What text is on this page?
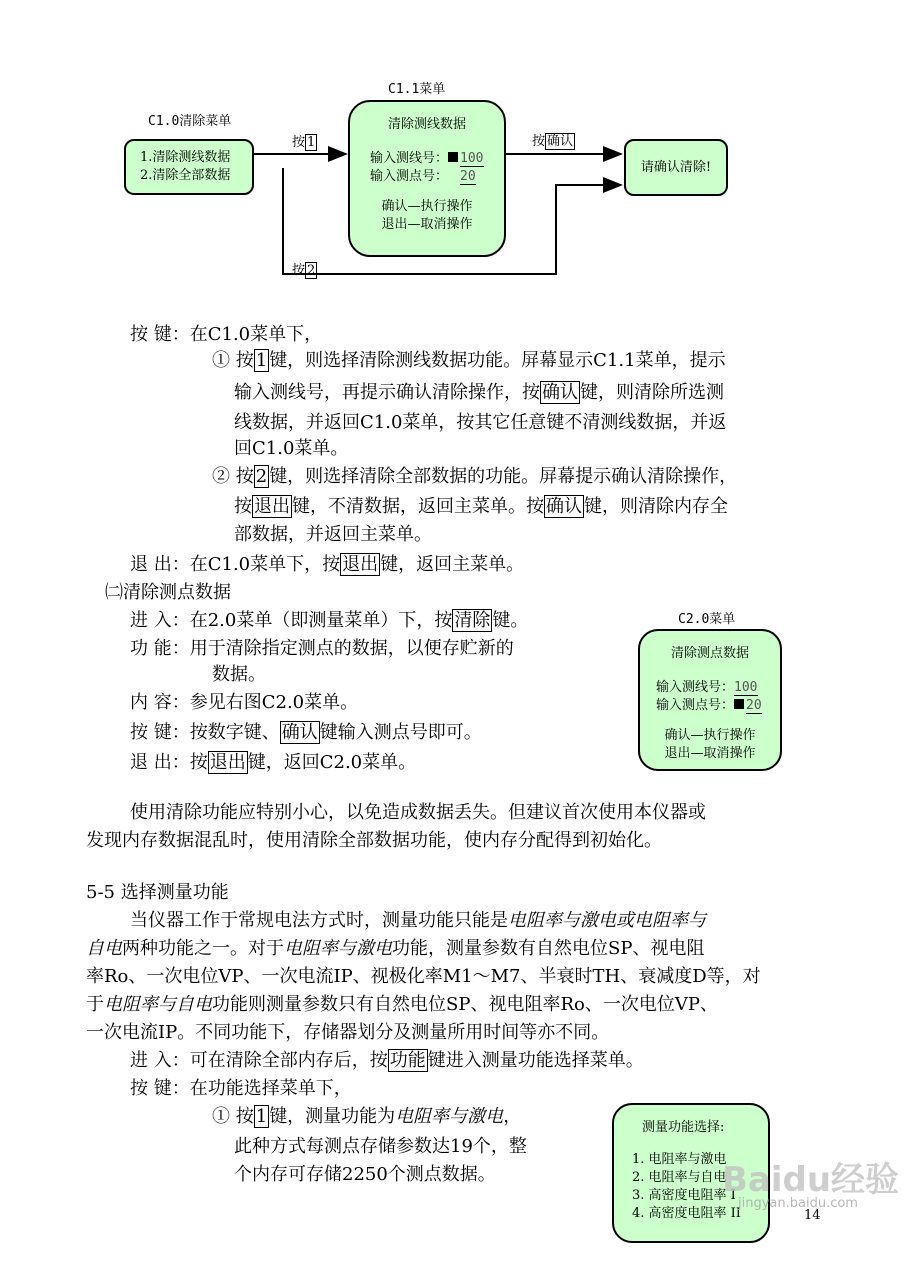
C1.0清除菜单
1.清除测线数据
2.清除全部数据
按 1	按 确认
按 2
C1.1菜单
清除测线数据
输入测线号： 100
输入测点号： 20
确认—执行操作
退出—取消操作
请确认清除!
按 键：在C1.0菜单下，
① 按 1 键，则选择清除测线数据功能。屏幕显示C1.1菜单，提示
输入测线号，再提示确认清除操作，按 确认 键，则清除所选测
线数据，并返回C1.0菜单，按其它任意键不清测线数据，并返
回C1.0菜单。
② 按 2 键，则选择清除全部数据的功能。屏幕提示确认清除操作，
按 退出 键，不清数据，返回主菜单。按 确认 键，则清除内存全
部数据，并返回主菜单。
退 出：在C1.0菜单下，按 退出 键，返回主菜单。
㈡清除测点数据
进 入：在2.0菜单（即测量菜单）下，按 清除 键。
功 能：用于清除指定测点的数据，以便存贮新的
数据。
内 容：参见右图C2.0菜单。
按 键：按数字键、 确认 键输入测点号即可。
退 出：按 退出 键，返回C2.0菜单。
C2.0菜单
清除测点数据
输入测线号：100
输入测点号： 20
确认—执行操作
退出—取消操作
使用清除功能应特别小心，以免造成数据丢失。但建议首次使用本仪器或
发现内存数据混乱时，使用清除全部数据功能，使内存分配得到初始化。
5-5 选择测量功能
当仪器工作于常规电法方式时，测量功能只能是电阻率与激电或电阻率与
自电两种功能之一。对于电阻率与激电功能，测量参数有自然电位SP、视电阻
率Ro、一次电位VP、一次电流IP、视极化率M1～M7、半衰时TH、衰减度D等，对
于电阻率与自电功能则测量参数只有自然电位SP、视电阻率Ro、一次电位VP、
一次电流IP。不同功能下，存储器划分及测量所用时间等亦不同。
进 入：可在清除全部内存后，按 功能 键进入测量功能选择菜单。
按 键：在功能选择菜单下，
① 按 1 键，测量功能为电阻率与激电，
此种方式每测点存储参数达19个，整
个内存可存储2250个测点数据。
测量功能选择:
1. 电阻率与激电
2. 电阻率与自电
3. 高密度电阻率 I
4. 高密度电阻率 II
Baidu经验
jingyan.baidu.com
14
